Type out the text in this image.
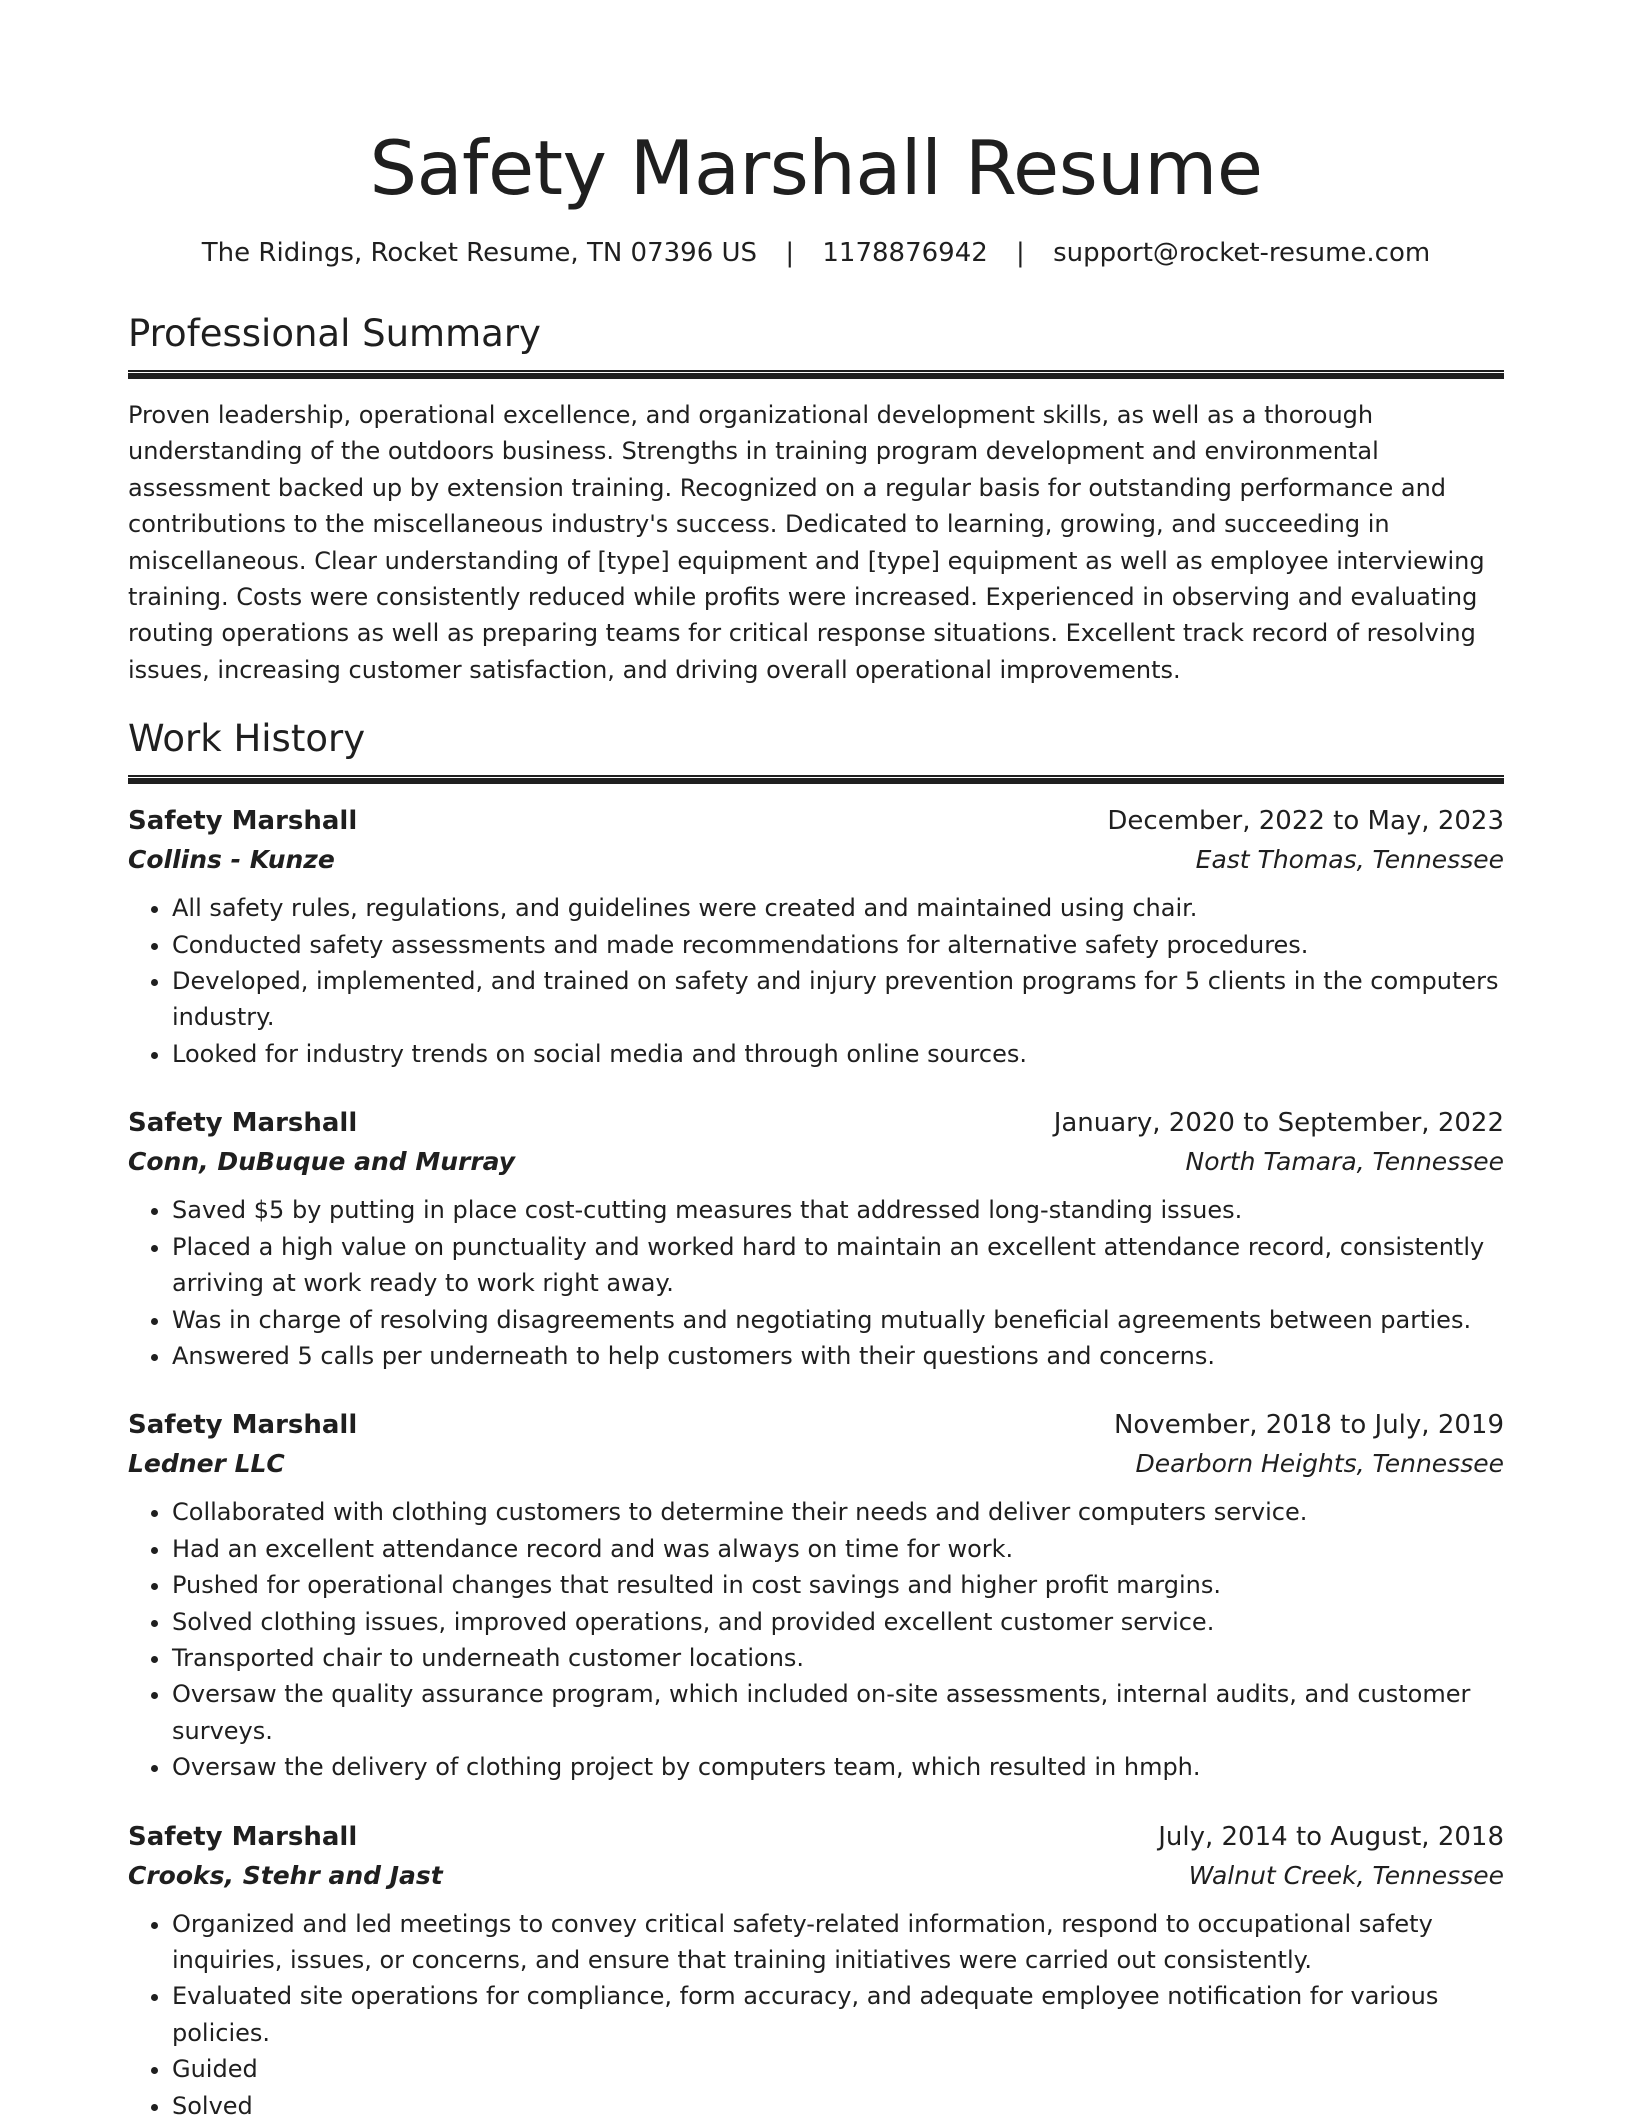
Safety Marshall Resume
The Ridings, Rocket Resume, TN 07396 US | 1178876942 | support@rocket-resume.com
Professional Summary

Proven leadership, operational excellence, and organizational development skills, as well as a thorough understanding of the outdoors business. Strengths in training program development and environmental assessment backed up by extension training. Recognized on a regular basis for outstanding performance and contributions to the miscellaneous industry's success. Dedicated to learning, growing, and succeeding in miscellaneous. Clear understanding of [type] equipment and [type] equipment as well as employee interviewing training. Costs were consistently reduced while profits were increased. Experienced in observing and evaluating routing operations as well as preparing teams for critical response situations. Excellent track record of resolving issues, increasing customer satisfaction, and driving overall operational improvements.

Work History
Safety Marshall	December, 2022 to May, 2023
Collins - Kunze	East Thomas, Tennessee
• All safety rules, regulations, and guidelines were created and maintained using chair.
• Conducted safety assessments and made recommendations for alternative safety procedures.
• Developed, implemented, and trained on safety and injury prevention programs for 5 clients in the computers industry.
• Looked for industry trends on social media and through online sources.
Safety Marshall	January, 2020 to September, 2022
Conn, DuBuque and Murray	North Tamara, Tennessee
• Saved $5 by putting in place cost-cutting measures that addressed long-standing issues.
• Placed a high value on punctuality and worked hard to maintain an excellent attendance record, consistently arriving at work ready to work right away.
• Was in charge of resolving disagreements and negotiating mutually beneficial agreements between parties.
• Answered 5 calls per underneath to help customers with their questions and concerns.
Safety Marshall	November, 2018 to July, 2019
Ledner LLC	Dearborn Heights, Tennessee
• Collaborated with clothing customers to determine their needs and deliver computers service.
• Had an excellent attendance record and was always on time for work.
• Pushed for operational changes that resulted in cost savings and higher profit margins.
• Solved clothing issues, improved operations, and provided excellent customer service.
• Transported chair to underneath customer locations.
• Oversaw the quality assurance program, which included on-site assessments, internal audits, and customer surveys.
• Oversaw the delivery of clothing project by computers team, which resulted in hmph.
Safety Marshall	July, 2014 to August, 2018
Crooks, Stehr and Jast	Walnut Creek, Tennessee
• Organized and led meetings to convey critical safety-related information, respond to occupational safety inquiries, issues, or concerns, and ensure that training initiatives were carried out consistently.
• Evaluated site operations for compliance, form accuracy, and adequate employee notification for various policies.
• Guided
• Solved
